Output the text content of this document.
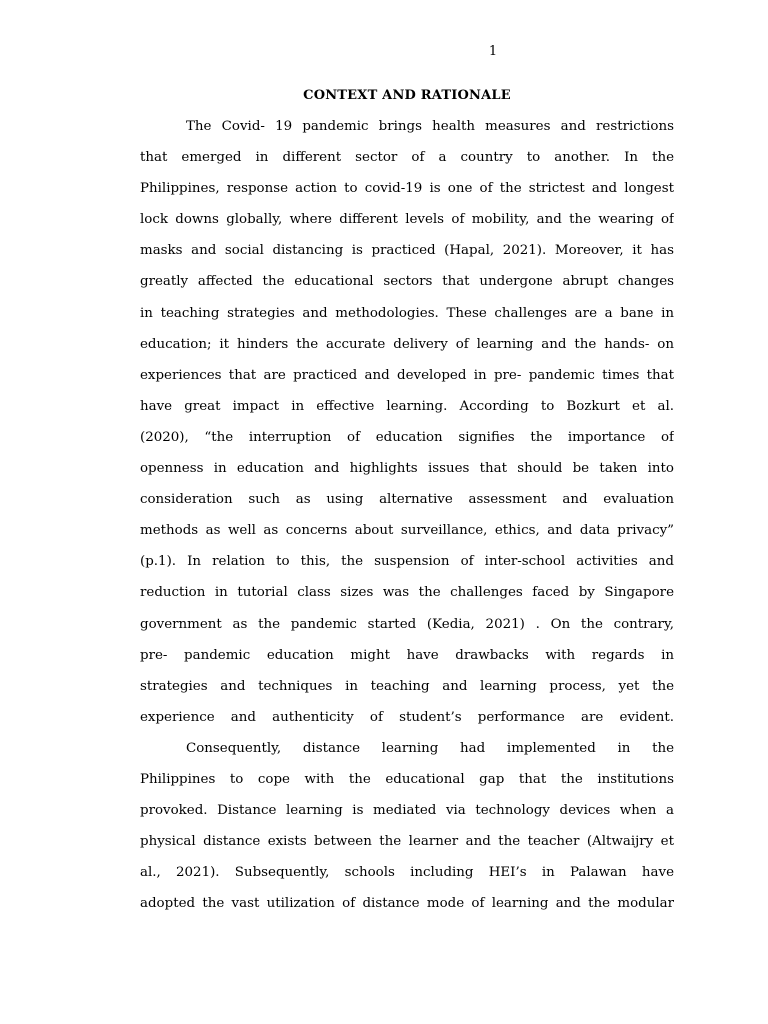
1
CONTEXT AND RATIONALE
The Covid- 19 pandemic brings health measures and restrictions
that emerged in different sector of a country to another. In the
Philippines, response action to covid-19 is one of the strictest and longest
lock downs globally, where different levels of mobility, and the wearing of
masks and social distancing is practiced (Hapal, 2021). Moreover, it has
greatly affected the educational sectors that undergone abrupt changes
in teaching strategies and methodologies. These challenges are a bane in
education; it hinders the accurate delivery of learning and the hands- on
experiences that are practiced and developed in pre- pandemic times that
have great impact in effective learning. According to Bozkurt et al.
(2020), “the interruption of education signifies the importance of
openness in education and highlights issues that should be taken into
consideration such as using alternative assessment and evaluation
methods as well as concerns about surveillance, ethics, and data privacy”
(p.1). In relation to this, the suspension of inter-school activities and
reduction in tutorial class sizes was the challenges faced by Singapore
government as the pandemic started (Kedia, 2021) . On the contrary,
pre- pandemic education might have drawbacks with regards in
strategies and techniques in teaching and learning process, yet the
experience and authenticity of student’s performance are evident.
Consequently, distance learning had implemented in the
Philippines to cope with the educational gap that the institutions
provoked. Distance learning is mediated via technology devices when a
physical distance exists between the learner and the teacher (Altwaijry et
al., 2021). Subsequently, schools including HEI’s in Palawan have
adopted the vast utilization of distance mode of learning and the modular
